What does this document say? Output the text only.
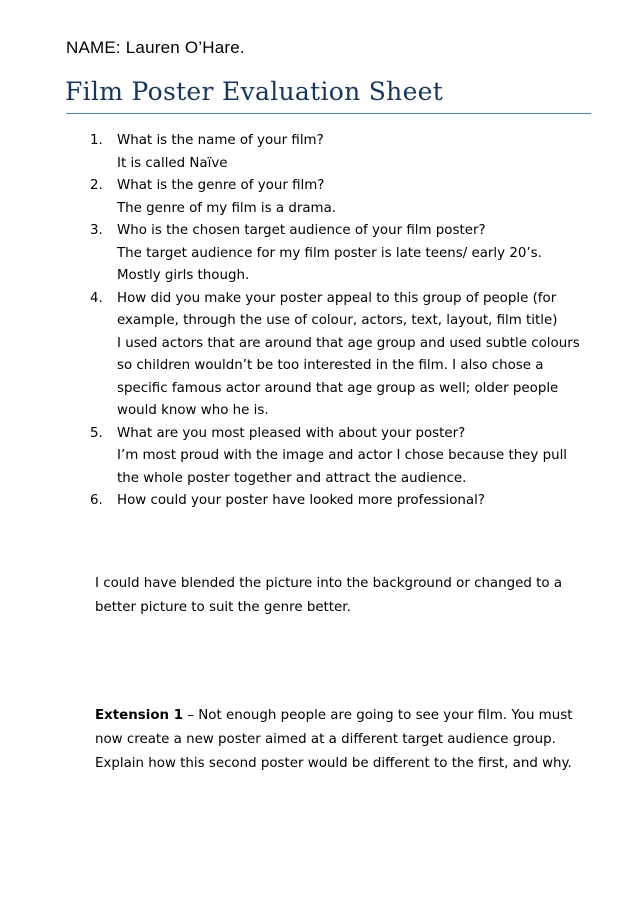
NAME: Lauren O’Hare.
Film Poster Evaluation Sheet
1. What is the name of your film?
It is called Naïve
2. What is the genre of your film?
The genre of my film is a drama.
3. Who is the chosen target audience of your film poster?
The target audience for my film poster is late teens/ early 20’s. Mostly girls though.
4. How did you make your poster appeal to this group of people (for example, through the use of colour, actors, text, layout, film title)
I used actors that are around that age group and used subtle colours so children wouldn’t be too interested in the film. I also chose a specific famous actor around that age group as well; older people would know who he is.
5. What are you most pleased with about your poster?
I’m most proud with the image and actor I chose because they pull the whole poster together and attract the audience.
6. How could your poster have looked more professional?

I could have blended the picture into the background or changed to a better picture to suit the genre better.

Extension 1 – Not enough people are going to see your film. You must now create a new poster aimed at a different target audience group. Explain how this second poster would be different to the first, and why.
